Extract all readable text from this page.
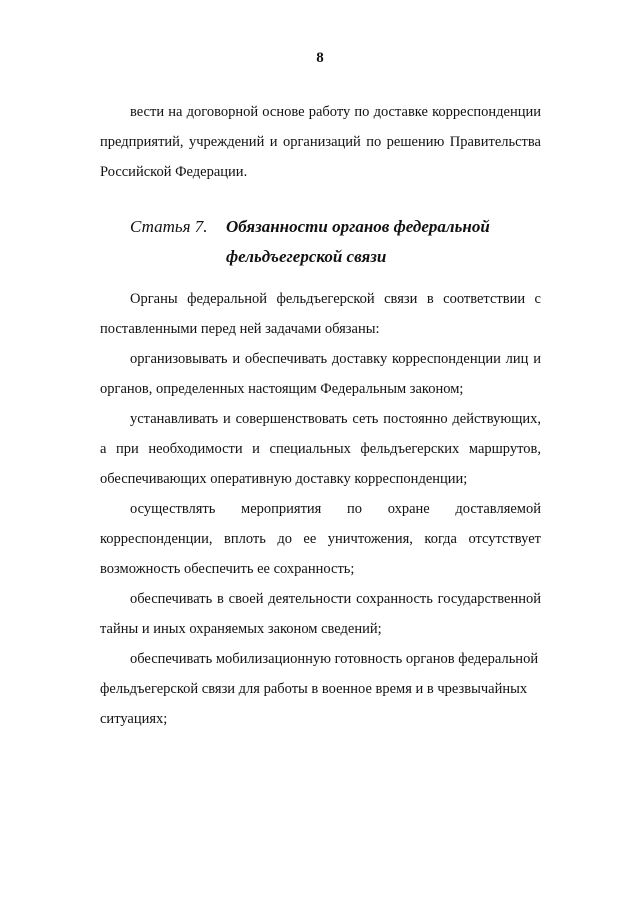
8

вести на договорной основе работу по доставке корреспонденции предприятий, учреждений и организаций по решению Правительства Российской Федерации.

Статья 7. Обязанности органов федеральной
фельдъегерской связи

Органы федеральной фельдъегерской связи в соответствии с поставленными перед ней задачами обязаны:

организовывать и обеспечивать доставку корреспонденции лиц и органов, определенных настоящим Федеральным законом;

устанавливать и совершенствовать сеть постоянно действующих, а при необходимости и специальных фельдъегерских маршрутов, обеспечивающих оперативную доставку корреспонденции;

осуществлять мероприятия по охране доставляемой корреспонденции, вплоть до ее уничтожения, когда отсутствует возможность обеспечить ее сохранность;

обеспечивать в своей деятельности сохранность государственной тайны и иных охраняемых законом сведений;

обеспечивать мобилизационную готовность органов федеральной фельдъегерской связи для работы в военное время и в чрезвычайных ситуациях;
